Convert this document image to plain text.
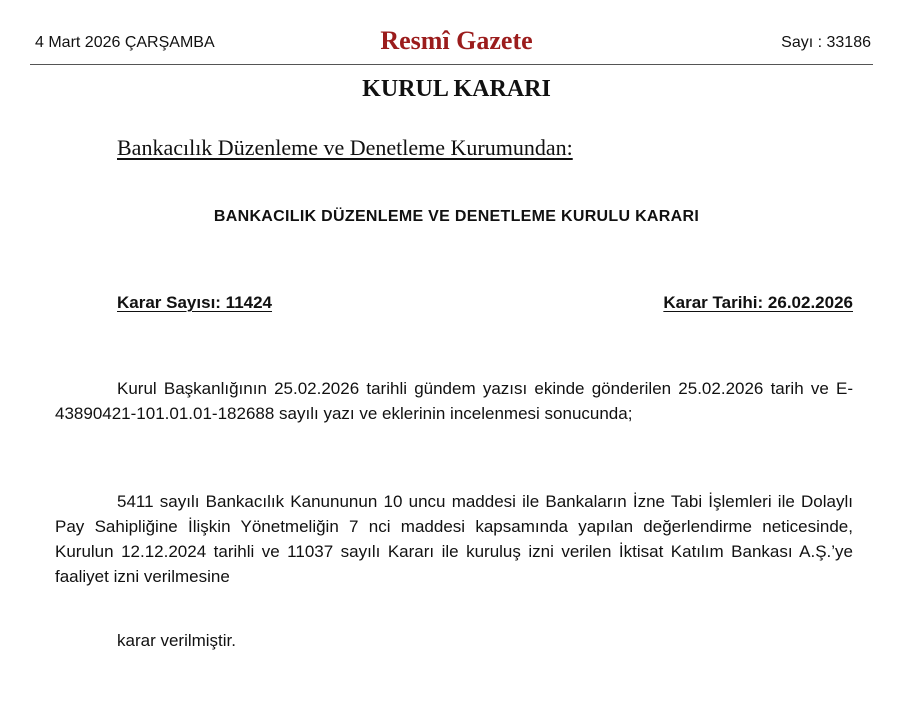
4 Mart 2026 ÇARŞAMBA	Resmî Gazete	Sayı : 33186
KURUL KARARI
Bankacılık Düzenleme ve Denetleme Kurumundan:
BANKACILIK DÜZENLEME VE DENETLEME KURULU KARARI
Karar Sayısı: 11424	Karar Tarihi: 26.02.2026

Kurul Başkanlığının 25.02.2026 tarihli gündem yazısı ekinde gönderilen 25.02.2026 tarih ve E-43890421-101.01.01-182688 sayılı yazı ve eklerinin incelenmesi sonucunda;

5411 sayılı Bankacılık Kanununun 10 uncu maddesi ile Bankaların İzne Tabi İşlemleri ile Dolaylı Pay Sahipliğine İlişkin Yönetmeliğin 7 nci maddesi kapsamında yapılan değerlendirme neticesinde, Kurulun 12.12.2024 tarihli ve 11037 sayılı Kararı ile kuruluş izni verilen İktisat Katılım Bankası A.Ş.’ye faaliyet izni verilmesine

karar verilmiştir.
